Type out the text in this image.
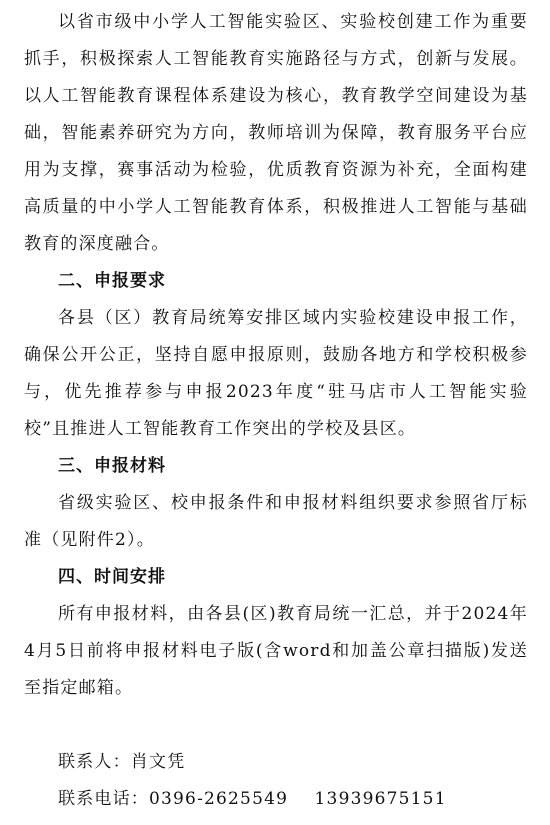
以省市级中小学人工智能实验区、实验校创建工作为重要抓手，积极探索人工智能教育实施路径与方式，创新与发展。以人工智能教育课程体系建设为核心，教育教学空间建设为基础，智能素养研究为方向，教师培训为保障，教育服务平台应用为支撑，赛事活动为检验，优质教育资源为补充，全面构建高质量的中小学人工智能教育体系，积极推进人工智能与基础教育的深度融合。

二、申报要求

各县（区）教育局统筹安排区域内实验校建设申报工作，确保公开公正，坚持自愿申报原则，鼓励各地方和学校积极参与，优先推荐参与申报2023年度“驻马店市人工智能实验校”且推进人工智能教育工作突出的学校及县区。

三、申报材料

省级实验区、校申报条件和申报材料组织要求参照省厅标准（见附件2）。

四、时间安排

所有申报材料，由各县(区)教育局统一汇总，并于2024年4月5日前将申报材料电子版(含word和加盖公章扫描版)发送至指定邮箱。

联系人：肖文凭

联系电话：0396-2625549    13939675151
